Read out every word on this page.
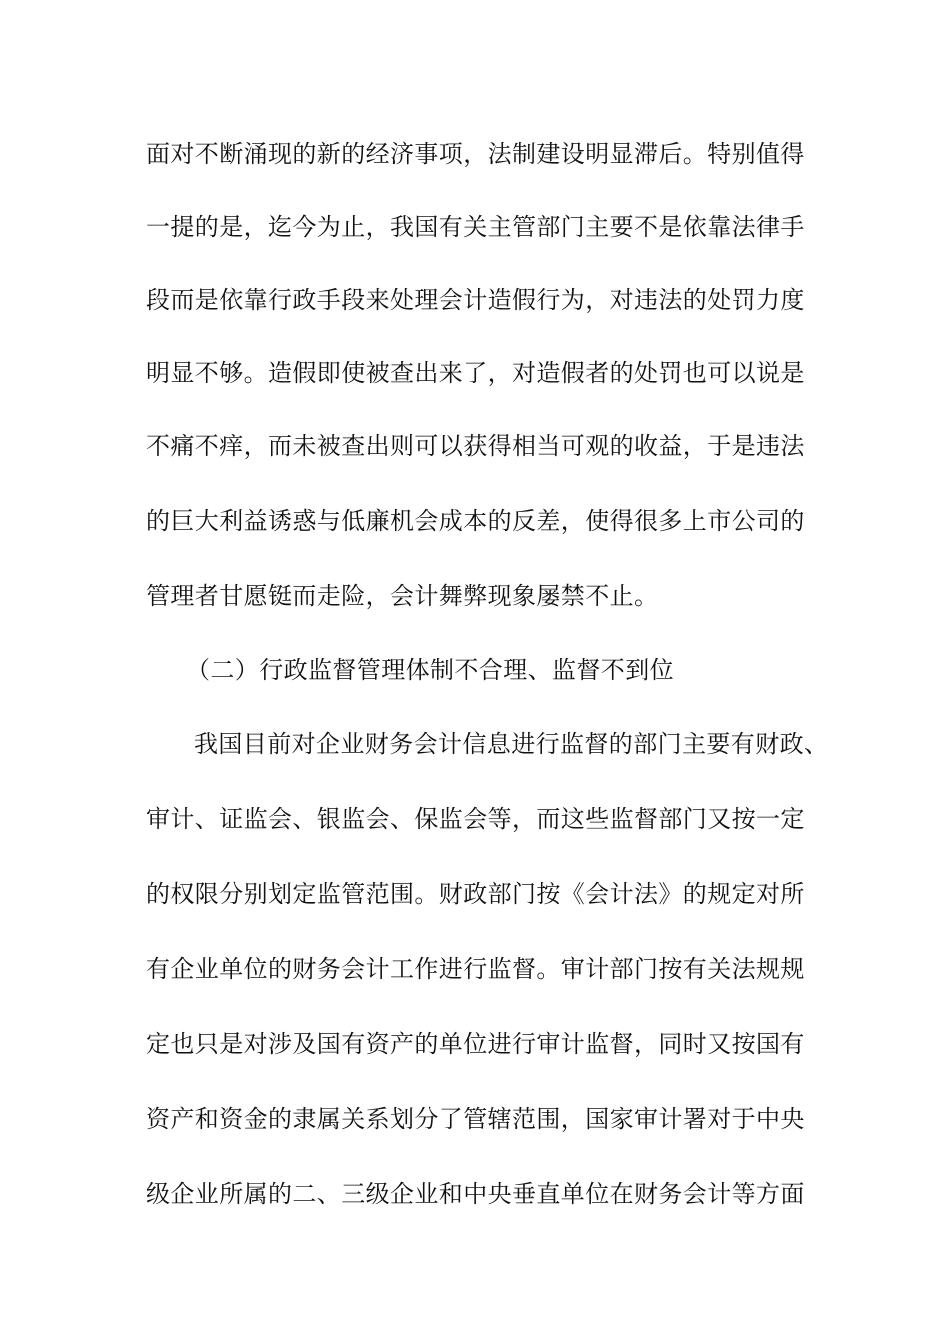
面对不断涌现的新的经济事项，法制建设明显滞后。特别值得
一提的是，迄今为止，我国有关主管部门主要不是依靠法律手
段而是依靠行政手段来处理会计造假行为，对违法的处罚力度
明显不够。造假即使被查出来了，对造假者的处罚也可以说是
不痛不痒，而未被查出则可以获得相当可观的收益，于是违法
的巨大利益诱惑与低廉机会成本的反差，使得很多上市公司的
管理者甘愿铤而走险，会计舞弊现象屡禁不止。
（二）行政监督管理体制不合理、监督不到位
我国目前对企业财务会计信息进行监督的部门主要有财政、
审计、证监会、银监会、保监会等，而这些监督部门又按一定
的权限分别划定监管范围。财政部门按《会计法》的规定对所
有企业单位的财务会计工作进行监督。审计部门按有关法规规
定也只是对涉及国有资产的单位进行审计监督，同时又按国有
资产和资金的隶属关系划分了管辖范围，国家审计署对于中央
级企业所属的二、三级企业和中央垂直单位在财务会计等方面
